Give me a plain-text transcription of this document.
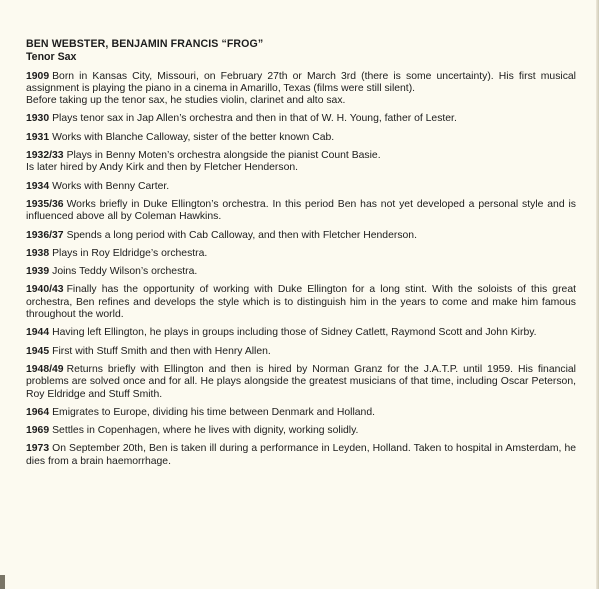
BEN WEBSTER, BENJAMIN FRANCIS “FROG”

Tenor Sax

1909 Born in Kansas City, Missouri, on February 27th or March 3rd (there is some uncertainty). His first musical assignment is playing the piano in a cinema in Amarillo, Texas (films were still silent).
Before taking up the tenor sax, he studies violin, clarinet and alto sax.
1930 Plays tenor sax in Jap Allen’s orchestra and then in that of W. H. Young, father of Lester.
1931 Works with Blanche Calloway, sister of the better known Cab.
1932/33 Plays in Benny Moten’s orchestra alongside the pianist Count Basie.
Is later hired by Andy Kirk and then by Fletcher Henderson.
1934 Works with Benny Carter.
1935/36 Works briefly in Duke Ellington’s orchestra. In this period Ben has not yet developed a personal style and is influenced above all by Coleman Hawkins.
1936/37 Spends a long period with Cab Calloway, and then with Fletcher Henderson.
1938 Plays in Roy Eldridge’s orchestra.
1939 Joins Teddy Wilson’s orchestra.
1940/43 Finally has the opportunity of working with Duke Ellington for a long stint. With the soloists of this great orchestra, Ben refines and develops the style which is to distinguish him in the years to come and make him famous throughout the world.
1944 Having left Ellington, he plays in groups including those of Sidney Catlett, Raymond Scott and John Kirby.
1945 First with Stuff Smith and then with Henry Allen.
1948/49 Returns briefly with Ellington and then is hired by Norman Granz for the J.A.T.P. until 1959. His financial problems are solved once and for all. He plays alongside the greatest musicians of that time, including Oscar Peterson, Roy Eldridge and Stuff Smith.
1964 Emigrates to Europe, dividing his time between Denmark and Holland.
1969 Settles in Copenhagen, where he lives with dignity, working solidly.
1973 On September 20th, Ben is taken ill during a performance in Leyden, Holland. Taken to hospital in Amsterdam, he dies from a brain haemorrhage.
